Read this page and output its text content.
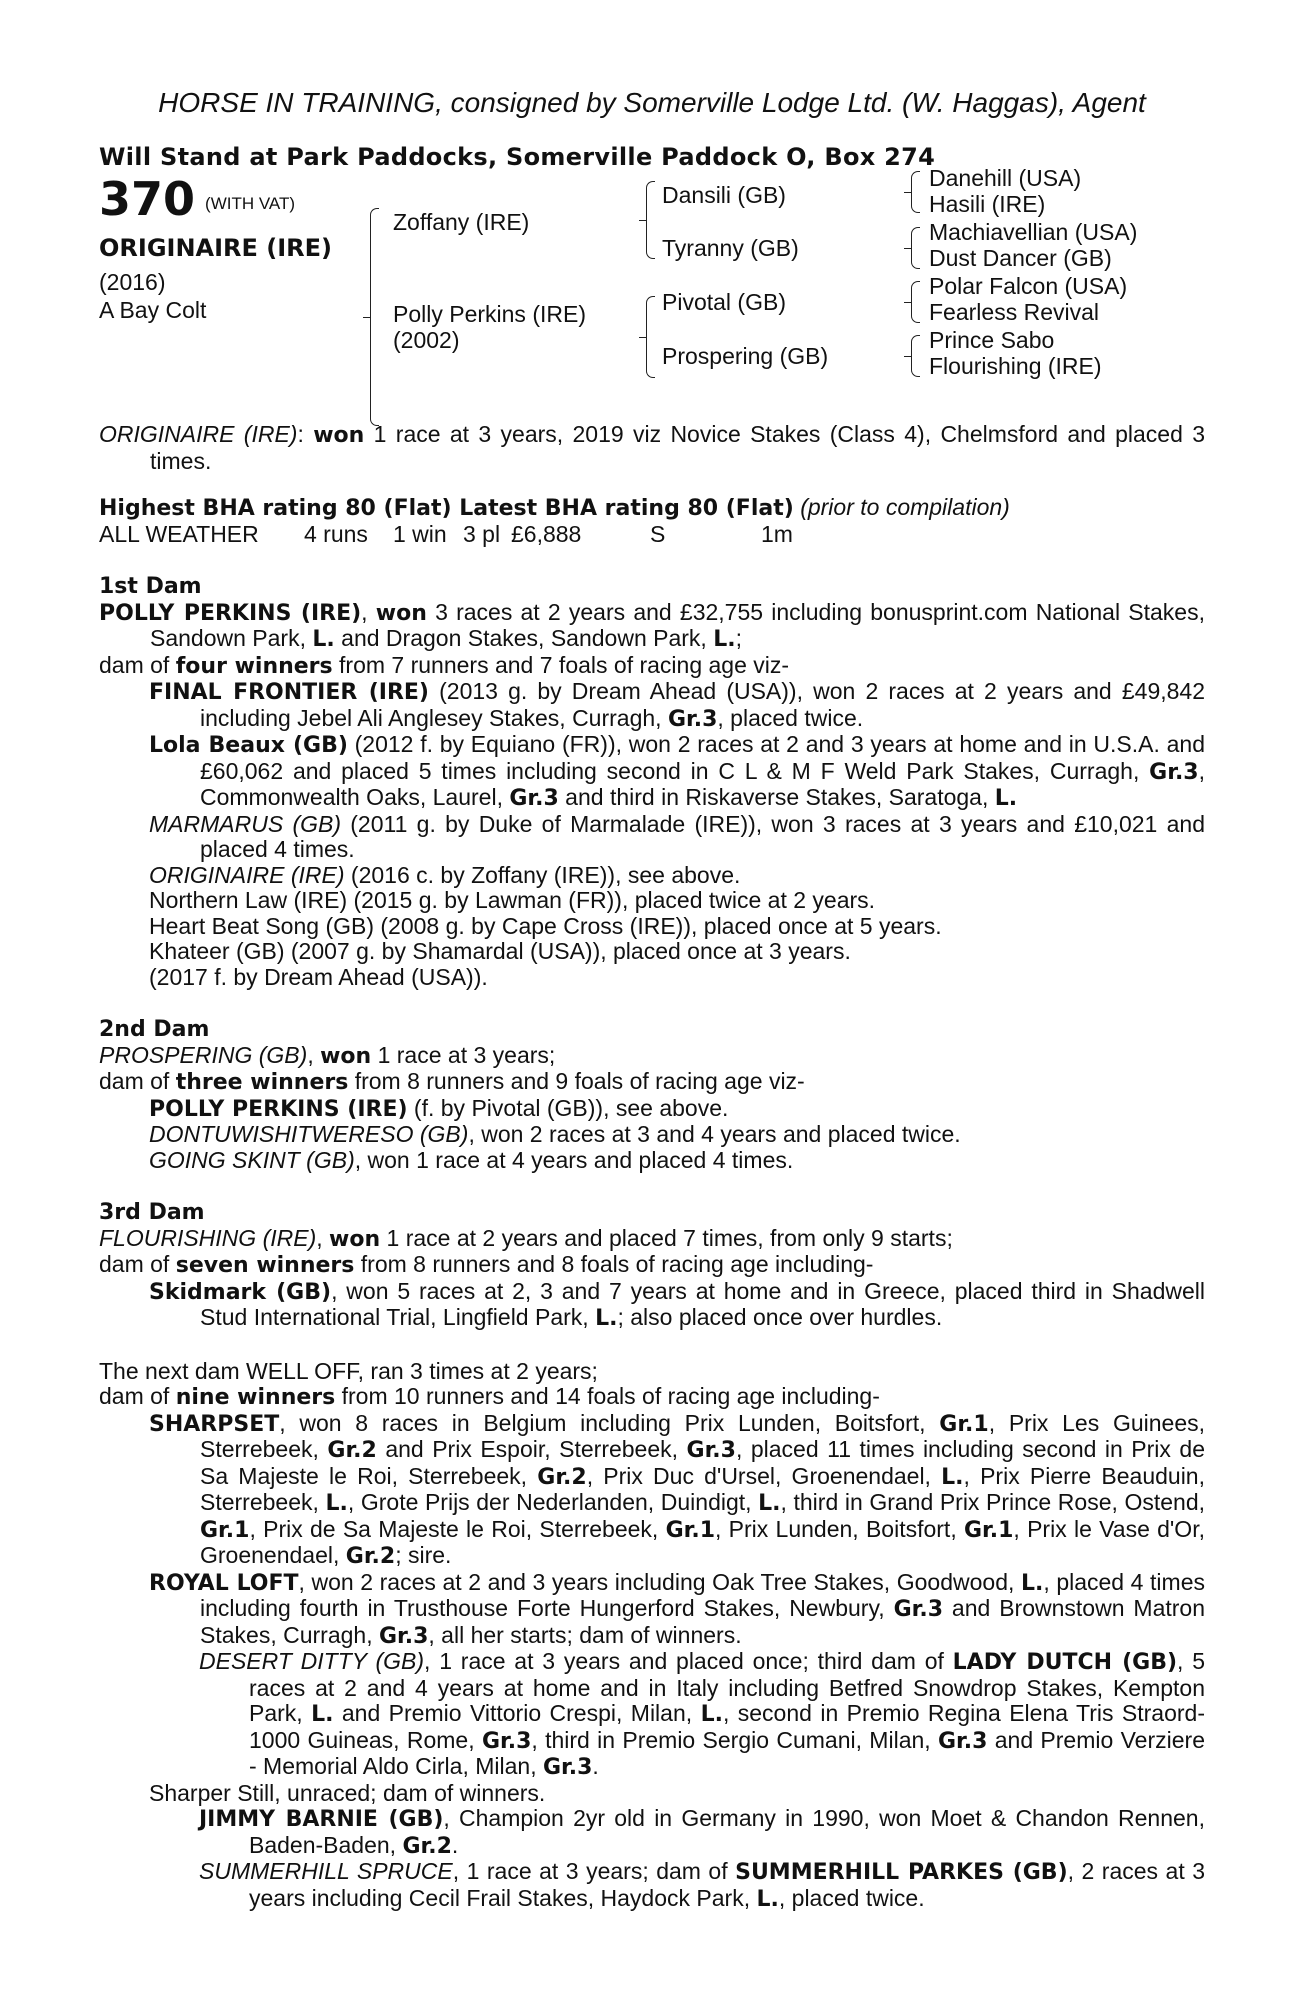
HORSE IN TRAINING, consigned by Somerville Lodge Ltd. (W. Haggas), Agent

Will Stand at Park Paddocks, Somerville Paddock O, Box 274

370 $^{(WITH VAT)}$
ORIGINAIRE (IRE)
(2016)
A Bay Colt
Zoffany (IRE)
Polly Perkins (IRE)
(2002)
Dansili (GB)
Tyranny (GB)
Pivotal (GB)
Prospering (GB)
Danehill (USA)
Hasili (IRE)
Machiavellian (USA)
Dust Dancer (GB)
Polar Falcon (USA)
Fearless Revival
Prince Sabo
Flourishing (IRE)

ORIGINAIRE (IRE): won 1 race at 3 years, 2019 viz Novice Stakes (Class 4), Chelmsford and placed 3 times.

Highest BHA rating 80 (Flat) Latest BHA rating 80 (Flat) (prior to compilation)

ALL WEATHER 4 runs 1 win 3 pl £6,888	S	1m

1st Dam

POLLY PERKINS (IRE), won 3 races at 2 years and £32,755 including bonusprint.com National Stakes, Sandown Park, L. and Dragon Stakes, Sandown Park, L.;

dam of four winners from 7 runners and 7 foals of racing age viz-

FINAL FRONTIER (IRE) (2013 g. by Dream Ahead (USA)), won 2 races at 2 years and £49,842 including Jebel Ali Anglesey Stakes, Curragh, Gr.3, placed twice.

Lola Beaux (GB) (2012 f. by Equiano (FR)), won 2 races at 2 and 3 years at home and in U.S.A. and £60,062 and placed 5 times including second in C L & M F Weld Park Stakes, Curragh, Gr.3, Commonwealth Oaks, Laurel, Gr.3 and third in Riskaverse Stakes, Saratoga, L.

MARMARUS (GB) (2011 g. by Duke of Marmalade (IRE)), won 3 races at 3 years and £10,021 and placed 4 times.

ORIGINAIRE (IRE) (2016 c. by Zoffany (IRE)), see above.

Northern Law (IRE) (2015 g. by Lawman (FR)), placed twice at 2 years.

Heart Beat Song (GB) (2008 g. by Cape Cross (IRE)), placed once at 5 years.

Khateer (GB) (2007 g. by Shamardal (USA)), placed once at 3 years.

(2017 f. by Dream Ahead (USA)).

2nd Dam

PROSPERING (GB), won 1 race at 3 years;

dam of three winners from 8 runners and 9 foals of racing age viz-

POLLY PERKINS (IRE) (f. by Pivotal (GB)), see above.

DONTUWISHITWERESO (GB), won 2 races at 3 and 4 years and placed twice.

GOING SKINT (GB), won 1 race at 4 years and placed 4 times.

3rd Dam

FLOURISHING (IRE), won 1 race at 2 years and placed 7 times, from only 9 starts;

dam of seven winners from 8 runners and 8 foals of racing age including-

Skidmark (GB), won 5 races at 2, 3 and 7 years at home and in Greece, placed third in Shadwell Stud International Trial, Lingfield Park, L.; also placed once over hurdles.

The next dam WELL OFF, ran 3 times at 2 years;

dam of nine winners from 10 runners and 14 foals of racing age including-

SHARPSET, won 8 races in Belgium including Prix Lunden, Boitsfort, Gr.1, Prix Les Guinees, Sterrebeek, Gr.2 and Prix Espoir, Sterrebeek, Gr.3, placed 11 times including second in Prix de Sa Majeste le Roi, Sterrebeek, Gr.2, Prix Duc d'Ursel, Groenendael, L., Prix Pierre Beauduin, Sterrebeek, L., Grote Prijs der Nederlanden, Duindigt, L., third in Grand Prix Prince Rose, Ostend, Gr.1, Prix de Sa Majeste le Roi, Sterrebeek, Gr.1, Prix Lunden, Boitsfort, Gr.1, Prix le Vase d'Or, Groenendael, Gr.2; sire.

ROYAL LOFT, won 2 races at 2 and 3 years including Oak Tree Stakes, Goodwood, L., placed 4 times including fourth in Trusthouse Forte Hungerford Stakes, Newbury, Gr.3 and Brownstown Matron Stakes, Curragh, Gr.3, all her starts; dam of winners.

DESERT DITTY (GB), 1 race at 3 years and placed once; third dam of LADY DUTCH (GB), 5 races at 2 and 4 years at home and in Italy including Betfred Snowdrop Stakes, Kempton Park, L. and Premio Vittorio Crespi, Milan, L., second in Premio Regina Elena Tris Straord-1000 Guineas, Rome, Gr.3, third in Premio Sergio Cumani, Milan, Gr.3 and Premio Verziere - Memorial Aldo Cirla, Milan, Gr.3.

Sharper Still, unraced; dam of winners.

JIMMY BARNIE (GB), Champion 2yr old in Germany in 1990, won Moet & Chandon Rennen, Baden-Baden, Gr.2.

SUMMERHILL SPRUCE, 1 race at 3 years; dam of SUMMERHILL PARKES (GB), 2 races at 3 years including Cecil Frail Stakes, Haydock Park, L., placed twice.
